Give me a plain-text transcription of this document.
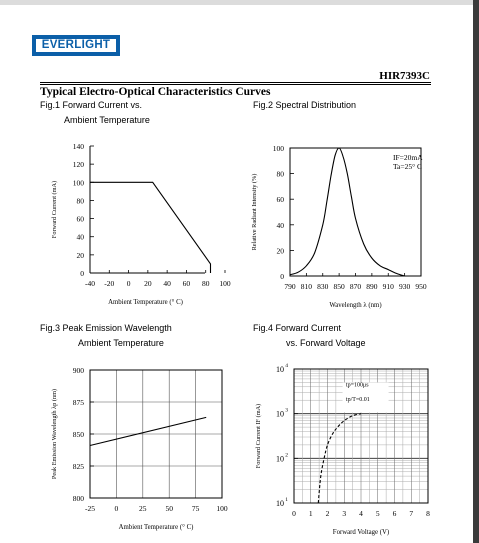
EVERLIGHT
HIR7393C
Typical Electro-Optical Characteristics Curves
Fig.1 Forward Current vs.
Ambient Temperature
Fig.2 Spectral Distribution
Fig.3 Peak Emission Wavelength
Ambient Temperature
Fig.4 Forward Current
vs. Forward Voltage
0
20
40
60
80
100
120
140
-40 -20 0 20 40 60 80 100
Ambient Temperature (° C)
Forward Current (mA)
0
20
40
60
80
100
790 810 830 850 870 890 910 930 950
Wavelength λ (nm)
Relative Radiant Intensity (%)
IF=20mA
Ta=25° C
800
825
850
875
900
-25	0	25	50	75 100
Ambient Temperature (° C)
Peak Emission Wavelength λp (nm)
10 1
10 2
10 3
10 4
0 1 2 3 4 5 6 7 8
Forward Voltage (V)
Forward Current IF (mA)
tp=100μs
tp/T=0.01
